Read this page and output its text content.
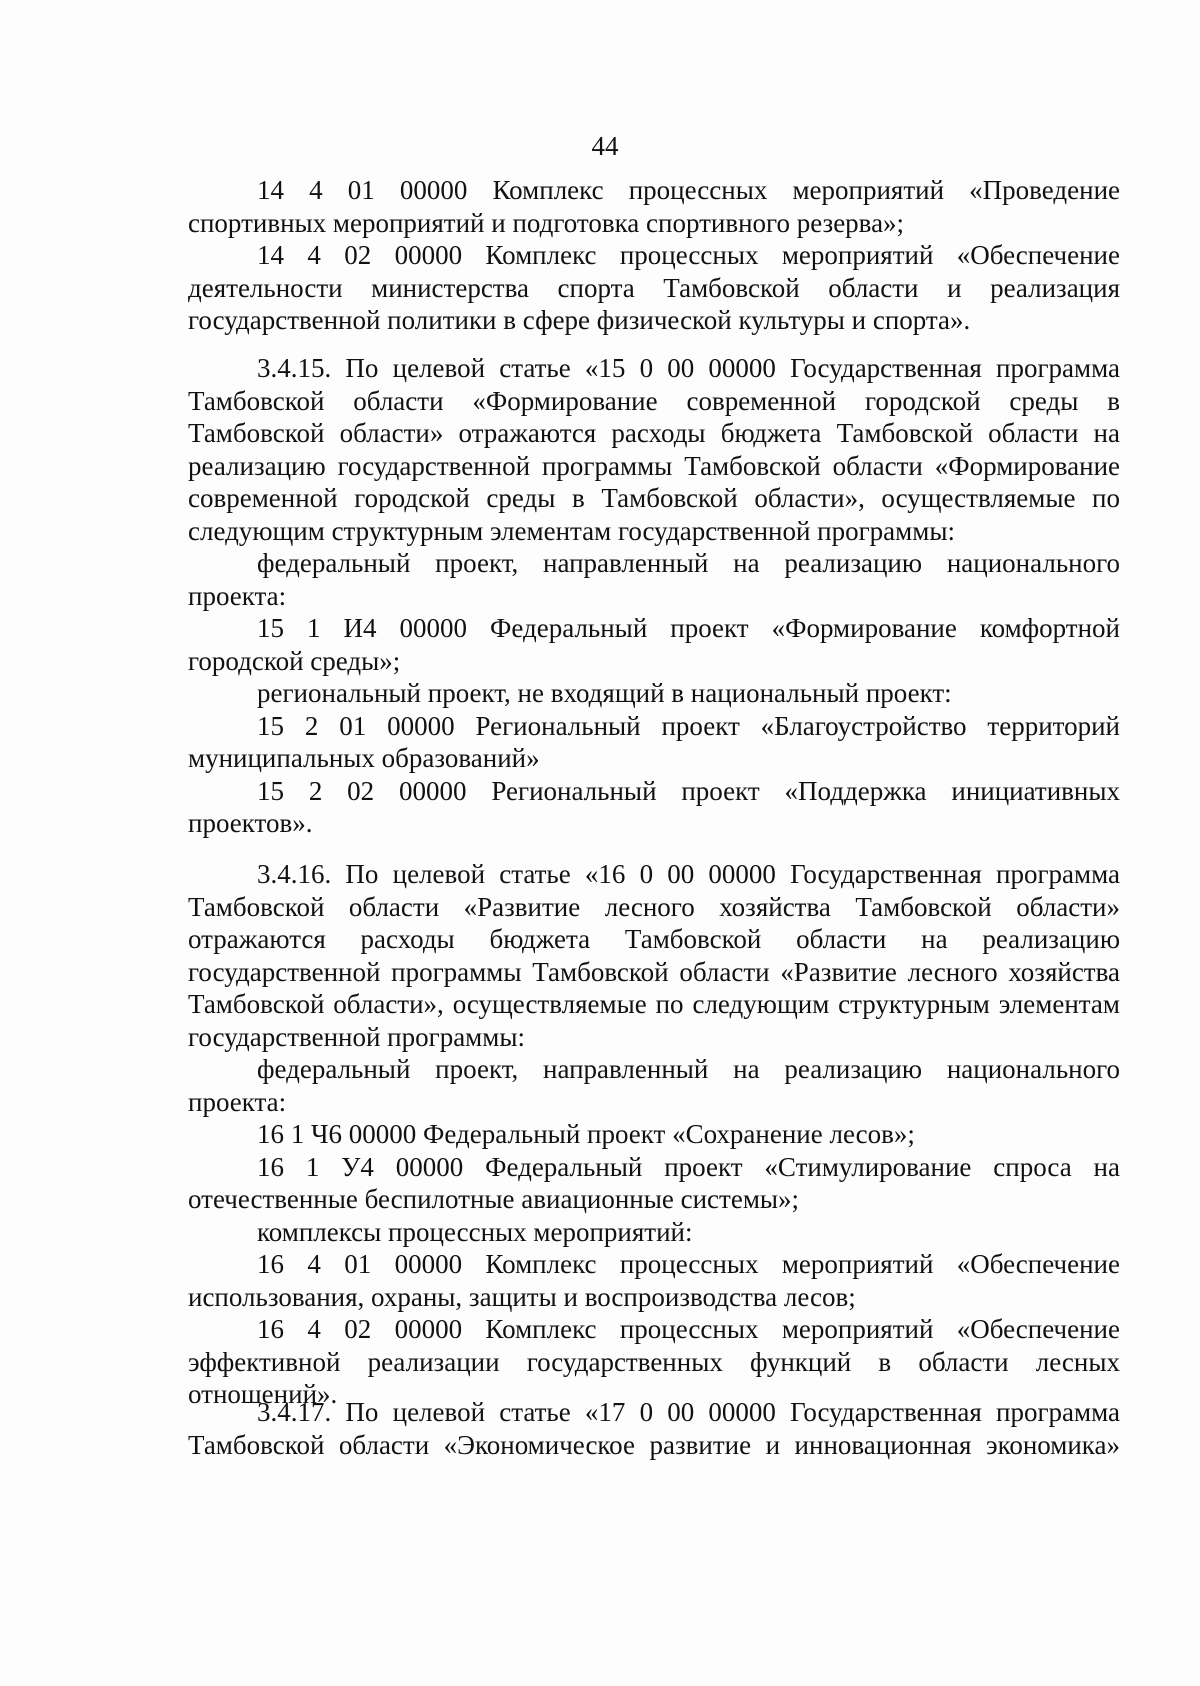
44

14 4 01 00000 Комплекс процессных мероприятий «Проведение спортивных мероприятий и подготовка спортивного резерва»;

14 4 02 00000 Комплекс процессных мероприятий «Обеспечение деятельности министерства спорта Тамбовской области и реализация государственной политики в сфере физической культуры и спорта».

3.4.15. По целевой статье «15 0 00 00000 Государственная программа Тамбовской области «Формирование современной городской среды в Тамбовской области» отражаются расходы бюджета Тамбовской области на реализацию государственной программы Тамбовской области «Формирование современной городской среды в Тамбовской области», осуществляемые по следующим структурным элементам государственной программы:

федеральный проект, направленный на реализацию национального проекта:

15 1 И4 00000 Федеральный проект «Формирование комфортной городской среды»;

региональный проект, не входящий в национальный проект:

15 2 01 00000 Региональный проект «Благоустройство территорий муниципальных образований»

15 2 02 00000 Региональный проект «Поддержка инициативных проектов».

3.4.16. По целевой статье «16 0 00 00000 Государственная программа Тамбовской области «Развитие лесного хозяйства Тамбовской области» отражаются расходы бюджета Тамбовской области на реализацию государственной программы Тамбовской области «Развитие лесного хозяйства Тамбовской области», осуществляемые по следующим структурным элементам государственной программы:

федеральный проект, направленный на реализацию национального проекта:

16 1 Ч6 00000 Федеральный проект «Сохранение лесов»;

16 1 У4 00000 Федеральный проект «Стимулирование спроса на отечественные беспилотные авиационные системы»;

комплексы процессных мероприятий:

16 4 01 00000 Комплекс процессных мероприятий «Обеспечение использования, охраны, защиты и воспроизводства лесов;

16 4 02 00000 Комплекс процессных мероприятий «Обеспечение эффективной реализации государственных функций в области лесных отношений».

3.4.17. По целевой статье «17 0 00 00000 Государственная программа Тамбовской области «Экономическое развитие и инновационная экономика»
